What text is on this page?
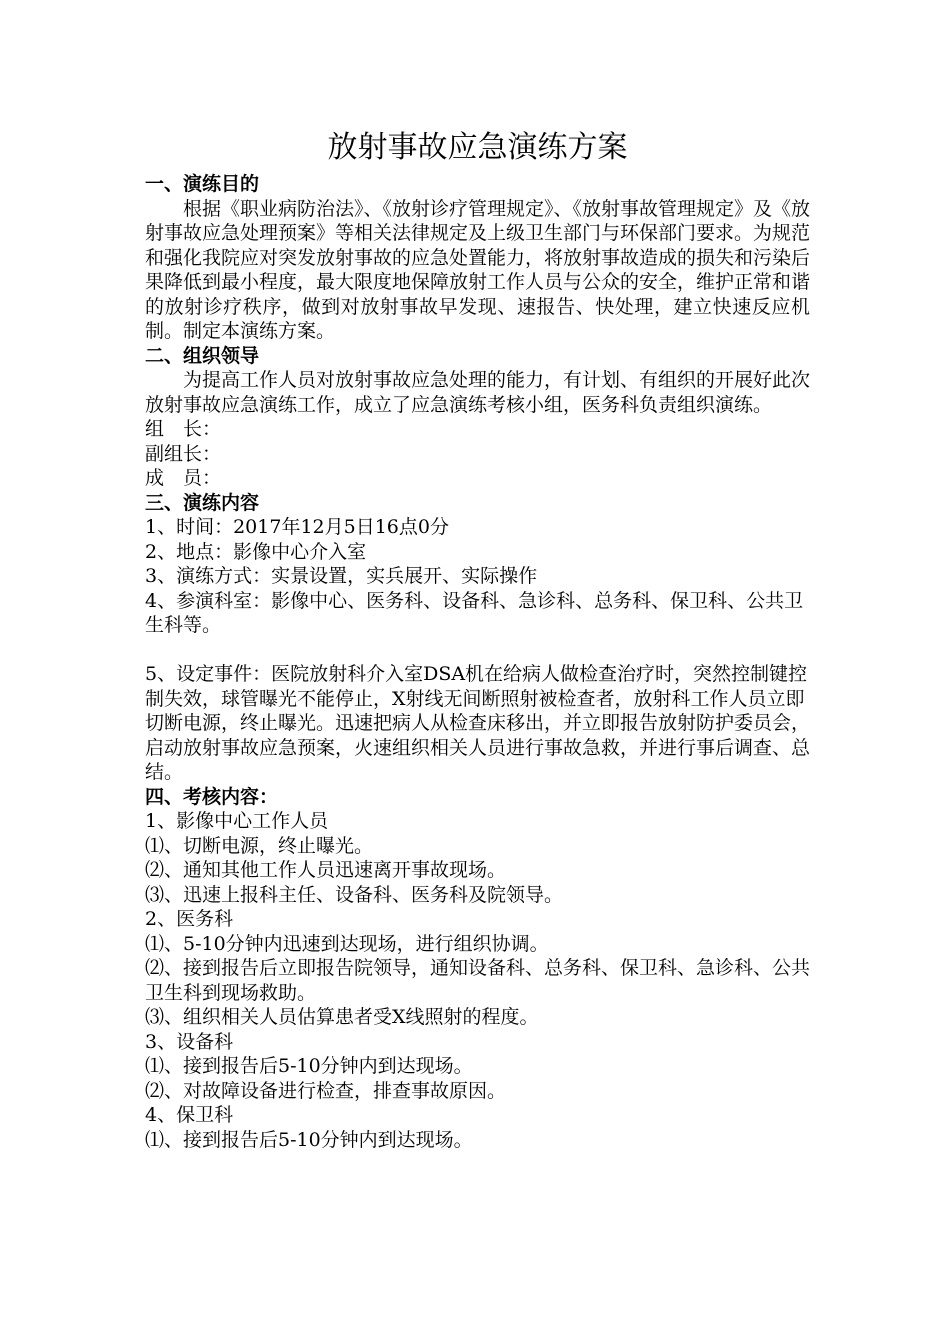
放射事故应急演练方案
一、演练目的

根据《职业病防治法》、《放射诊疗管理规定》、《放射事故管理规定》及《放射事故应急处理预案》等相关法律规定及上级卫生部门与环保部门要求。为规范和强化我院应对突发放射事故的应急处置能力，将放射事故造成的损失和污染后果降低到最小程度，最大限度地保障放射工作人员与公众的安全，维护正常和谐的放射诊疗秩序，做到对放射事故早发现、速报告、快处理，建立快速反应机制。制定本演练方案。

二、组织领导

为提高工作人员对放射事故应急处理的能力，有计划、有组织的开展好此次放射事故应急演练工作，成立了应急演练考核小组，医务科负责组织演练。

组　长：

副组长：

成　员：

三、演练内容

1、时间：2017年12月5日16点0分

2、地点：影像中心介入室

3、演练方式：实景设置，实兵展开、实际操作

4、参演科室：影像中心、医务科、设备科、急诊科、总务科、保卫科、公共卫生科等。

5、设定事件：医院放射科介入室DSA机在给病人做检查治疗时，突然控制键控制失效，球管曝光不能停止，X射线无间断照射被检查者，放射科工作人员立即切断电源，终止曝光。迅速把病人从检查床移出，并立即报告放射防护委员会，启动放射事故应急预案，火速组织相关人员进行事故急救，并进行事后调查、总结。

四、考核内容：

1、影像中心工作人员

⑴、切断电源，终止曝光。

⑵、通知其他工作人员迅速离开事故现场。

⑶、迅速上报科主任、设备科、医务科及院领导。

2、医务科

⑴、5-10分钟内迅速到达现场，进行组织协调。

⑵、接到报告后立即报告院领导，通知设备科、总务科、保卫科、急诊科、公共卫生科到现场救助。

⑶、组织相关人员估算患者受X线照射的程度。

3、设备科

⑴、接到报告后5-10分钟内到达现场。

⑵、对故障设备进行检查，排查事故原因。

4、保卫科

⑴、接到报告后5-10分钟内到达现场。
